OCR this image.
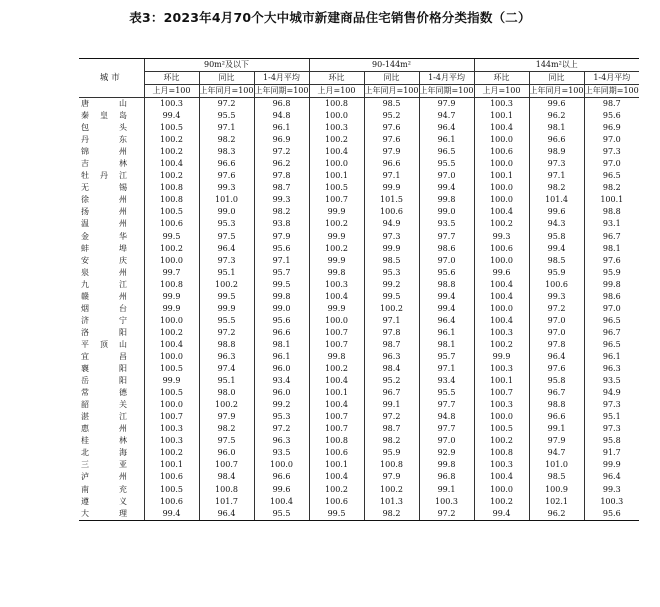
表3：2023年4月70个大中城市新建商品住宅销售价格分类指数（二）
城市	90m²及以下			90-144m²			144m²以上		
	环比	同比	1-4月平均	环比	同比	1-4月平均	环比	同比	1-4月平均
	上月=100	上年同月=100	上年同期=100	上月=100	上年同月=100	上年同期=100	上月=100	上年同月=100	上年同期=100
唐　山	100.3	97.2	96.8	100.8	98.5	97.9	100.3	99.6	98.7
秦皇岛	99.4	95.5	94.8	100.0	95.2	94.7	100.1	96.2	95.6
包　头	100.5	97.1	96.1	100.3	97.6	96.4	100.4	98.1	96.9
丹　东	100.2	98.2	96.9	100.2	97.6	96.1	100.0	96.6	97.0
锦　州	100.2	98.3	97.2	100.4	97.9	96.5	100.6	98.9	97.3
吉　林	100.4	96.6	96.2	100.0	96.6	95.5	100.0	97.3	97.0
牡丹江	100.2	97.6	97.8	100.1	97.1	97.0	100.1	97.1	96.5
无　锡	100.8	99.3	98.7	100.5	99.9	99.4	100.0	98.2	98.2
徐　州	100.8	101.0	99.3	100.7	101.5	99.8	100.0	101.4	100.1
扬　州	100.5	99.0	98.2	99.9	100.6	99.0	100.4	99.6	98.8
温　州	100.6	95.3	93.8	100.2	94.9	93.5	100.2	94.3	93.1
金　华	99.5	97.5	97.9	99.9	97.3	97.7	99.3	95.8	96.7
蚌　埠	100.2	96.4	95.6	100.2	99.9	98.6	100.6	99.4	98.1
安　庆	100.0	97.3	97.1	99.9	98.5	97.0	100.0	98.5	97.6
泉　州	99.7	95.1	95.7	99.8	95.3	95.6	99.6	95.9	95.9
九　江	100.8	100.2	99.5	100.3	99.2	98.8	100.4	100.6	99.8
赣　州	99.9	99.5	99.8	100.4	99.5	99.4	100.4	99.3	98.6
烟　台	99.9	99.9	99.0	99.9	100.2	99.4	100.0	97.2	97.0
济　宁	100.0	95.5	95.6	100.0	97.1	96.4	100.4	97.0	96.5
洛　阳	100.2	97.2	96.6	100.7	97.8	96.1	100.3	97.0	96.7
平顶山	100.4	98.8	98.1	100.7	98.7	98.1	100.2	97.8	96.5
宜　昌	100.0	96.3	96.1	99.8	96.3	95.7	99.9	96.4	96.1
襄　阳	100.5	97.4	96.0	100.2	98.4	97.1	100.3	97.6	96.3
岳　阳	99.9	95.1	93.4	100.4	95.2	93.4	100.1	95.8	93.5
常　德	100.5	98.0	96.0	100.1	96.7	95.5	100.7	96.7	94.9
韶　关	100.0	100.2	99.2	100.4	99.1	97.7	100.3	98.8	97.3
湛　江	100.7	97.9	95.3	100.7	97.2	94.8	100.0	96.6	95.1
惠　州	100.3	98.2	97.2	100.7	98.7	97.7	100.5	99.1	97.3
桂　林	100.3	97.5	96.3	100.8	98.2	97.0	100.2	97.9	95.8
北　海	100.2	96.0	93.5	100.6	95.9	92.9	100.8	94.7	91.7
三　亚	100.1	100.7	100.0	100.1	100.8	99.8	100.3	101.0	99.9
泸　州	100.6	98.4	96.6	100.4	97.9	96.8	100.4	98.5	96.4
南　充	100.5	100.8	99.6	100.2	100.2	99.1	100.0	100.9	99.3
遵　义	100.6	101.7	100.4	100.6	101.3	100.3	100.2	102.1	100.3
大　理	99.4	96.4	95.5	99.5	98.2	97.2	99.4	96.2	95.6
